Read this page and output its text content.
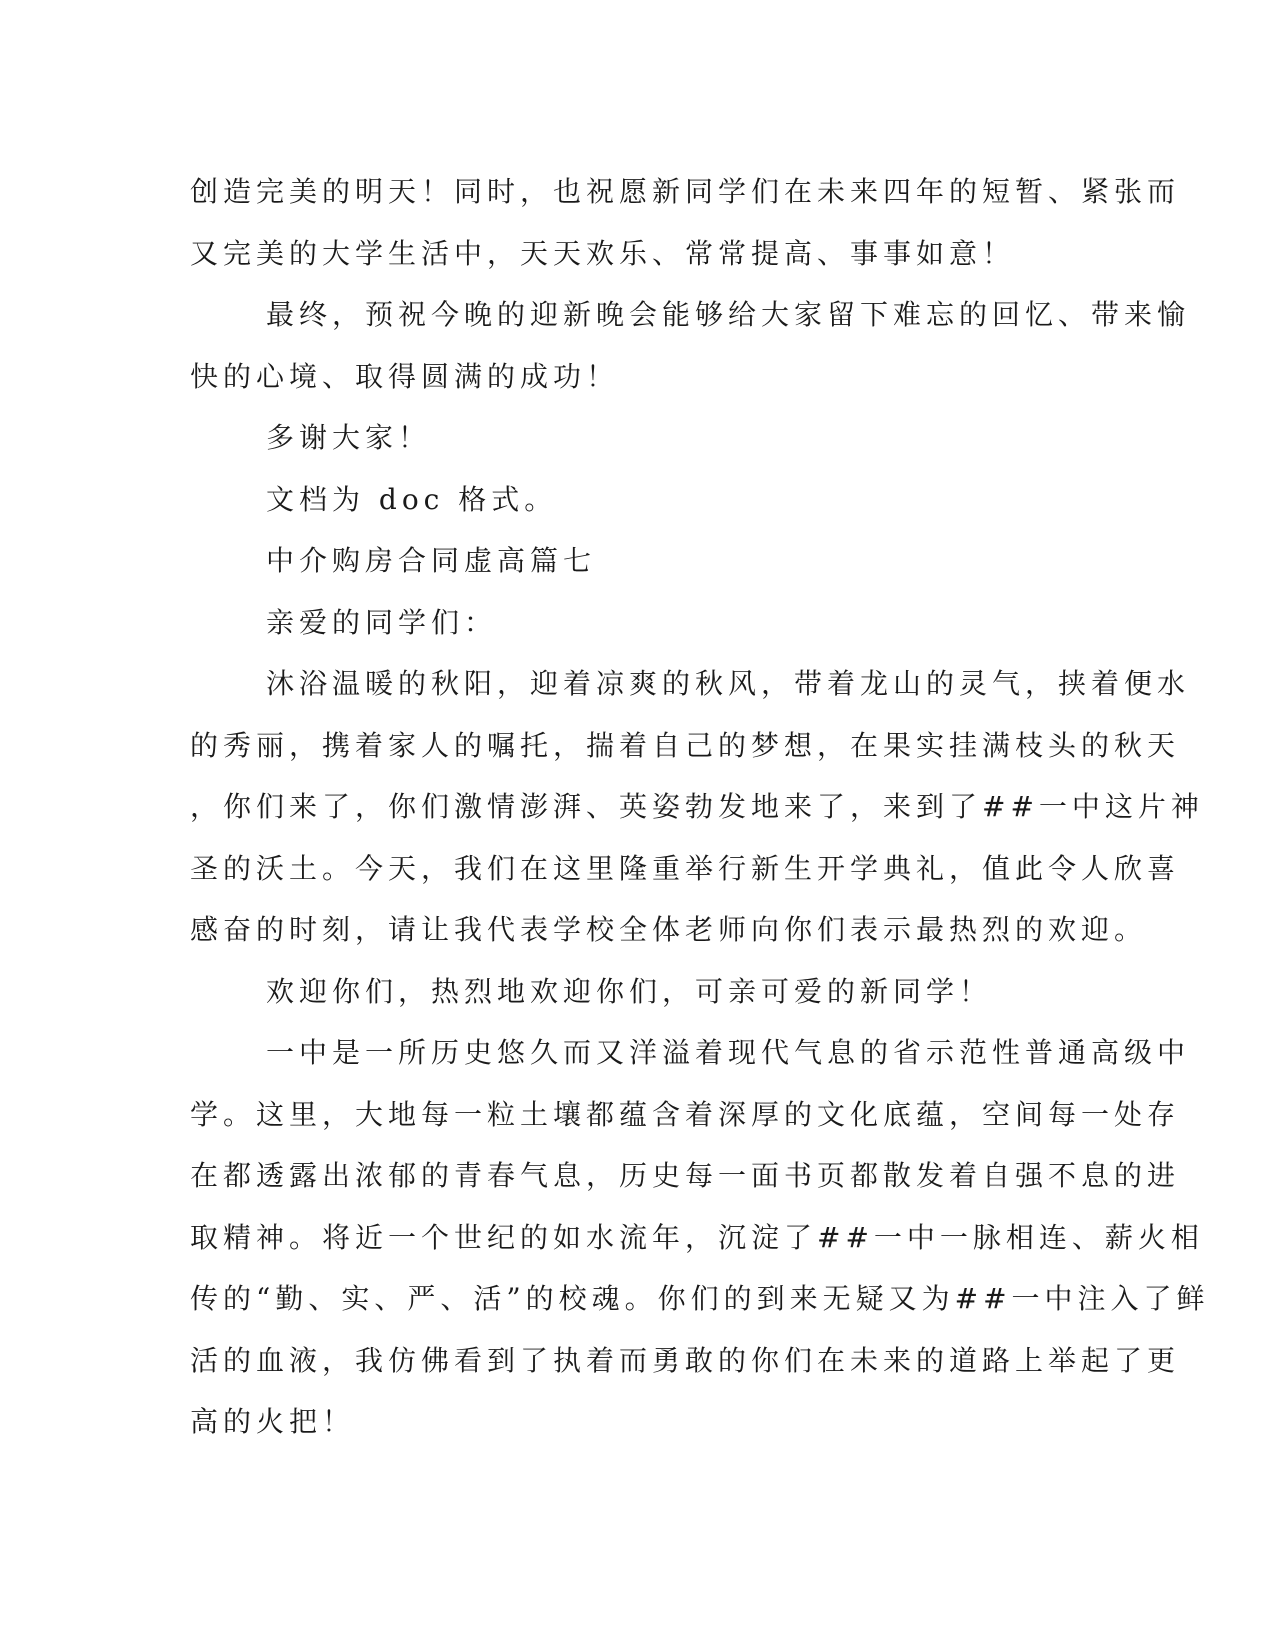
创造完美的明天！同时，也祝愿新同学们在未来四年的短暂、紧张而
又完美的大学生活中，天天欢乐、常常提高、事事如意！
最终，预祝今晚的迎新晚会能够给大家留下难忘的回忆、带来愉
快的心境、取得圆满的成功！
多谢大家！
文档为 doc 格式。
中介购房合同虚高篇七
亲爱的同学们：
沐浴温暖的秋阳，迎着凉爽的秋风，带着龙山的灵气，挟着便水
的秀丽，携着家人的嘱托，揣着自己的梦想，在果实挂满枝头的秋天
，你们来了，你们激情澎湃、英姿勃发地来了，来到了##一中这片神
圣的沃土。今天，我们在这里隆重举行新生开学典礼，值此令人欣喜
感奋的时刻，请让我代表学校全体老师向你们表示最热烈的欢迎。
欢迎你们，热烈地欢迎你们，可亲可爱的新同学！
一中是一所历史悠久而又洋溢着现代气息的省示范性普通高级中
学。这里，大地每一粒土壤都蕴含着深厚的文化底蕴，空间每一处存
在都透露出浓郁的青春气息，历史每一面书页都散发着自强不息的进
取精神。将近一个世纪的如水流年，沉淀了##一中一脉相连、薪火相
传的“勤、实、严、活”的校魂。你们的到来无疑又为##一中注入了鲜
活的血液，我仿佛看到了执着而勇敢的你们在未来的道路上举起了更
高的火把！
